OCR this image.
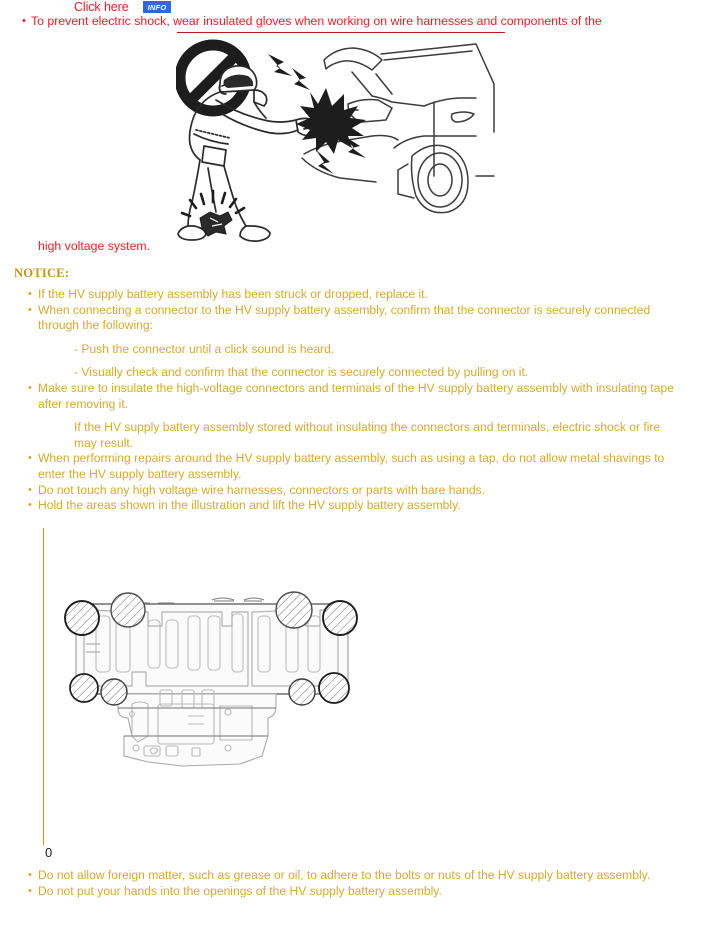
Click here	INFO
• To prevent electric shock, wear insulated gloves when working on wire harnesses and components of the
high voltage system.
NOTICE:
• If the HV supply battery assembly has been struck or dropped, replace it.
• When connecting a connector to the HV supply battery assembly, confirm that the connector is securely connected through the following:
- Push the connector until a click sound is heard.
- Visually check and confirm that the connector is securely connected by pulling on it.
• Make sure to insulate the high-voltage connectors and terminals of the HV supply battery assembly with insulating tape after removing it.
If the HV supply battery assembly stored without insulating the connectors and terminals, electric shock or fire may result.
• When performing repairs around the HV supply battery assembly, such as using a tap, do not allow metal shavings to enter the HV supply battery assembly.
• Do not touch any high voltage wire harnesses, connectors or parts with bare hands.
• Hold the areas shown in the illustration and lift the HV supply battery assembly.
0
• Do not allow foreign matter, such as grease or oil, to adhere to the bolts or nuts of the HV supply battery assembly.
• Do not put your hands into the openings of the HV supply battery assembly.
